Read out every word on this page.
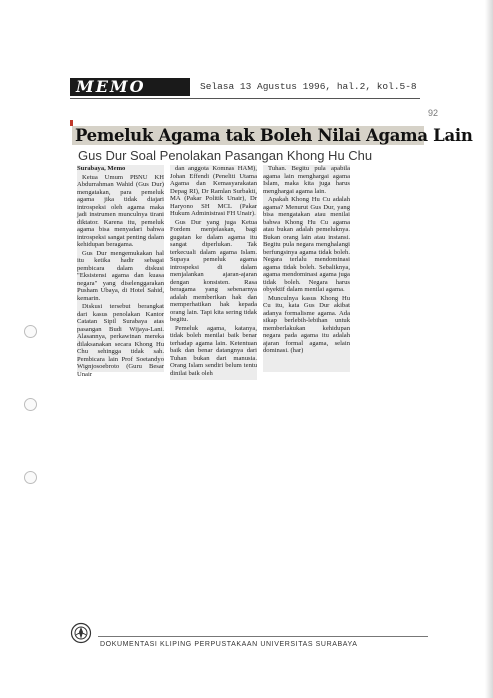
MEMO	Selasa 13 Agustus 1996, hal.2, kol.5-8
92
Pemeluk Agama tak Boleh Nilai Agama Lain
Gus Dur Soal Penolakan Pasangan Khong Hu Chu

Surabaya, Memo

Ketua Umum PBNU KH Abdurrahman Wahid (Gus Dur) mengatakan, para pemeluk agama jika tidak diajari introspeksi oleh agama maka jadi instrumen munculnya tirani diktator. Karena itu, pemeluk agama bisa menyadari bahwa introspeksi sangat penting dalam kehidupan beragama.

Gus Dur mengemukakan hal itu ketika hadir sebagai pembicara dalam diskusi "Eksistensi agama dan kuasa negara" yang diselenggarakan Pusham Ubaya, di Hotel Sahid, kemarin.

Diskusi tersebut berangkat dari kasus penolakan Kantor Catatan Sipil Surabaya atas pasangan Budi Wijaya-Lani. Alasannya, perkawinan mereka dilaksanakan secara Khong Hu Chu sehingga tidak sah. Pembicara lain Prof Soetandyo Wignjosoebroto (Guru Besar Unair

dan anggota Komnas HAM), Johan Effendi (Peneliti Utama Agama dan Kemasyarakatan Depag RI), Dr Ramlan Surbakti, MA (Pakar Politik Unair), Dr Haryono SH MCL (Pakar Hukum Administrasi FH Unair).

Gus Dur yang juga Ketua Fordem menjelaskan, bagi gugatan ke dalam agama itu sangat diperlukan. Tak terkecuali dalam agama Islam. Supaya pemeluk agama introspeksi di dalam menjalankan ajaran-ajaran dengan konsisten. Rasa beragama yang sebenarnya adalah memberikan hak dan memperhatikan hak kepada orang lain. Tapi kita sering tidak begitu.

Pemeluk agama, katanya, tidak boleh menilai baik benar terhadap agama lain. Ketentuan baik dan benar datangnya dari Tuhan bukan dari manusia. Orang Islam sendiri belum tentu dinilai baik oleh

Tuhan. Begitu pula apabila agama lain menghargai agama Islam, maka kita juga harus menghargai agama lain.

Apakah Khong Hu Cu adalah agama? Menurut Gus Dur, yang bisa mengatakan atau menilai bahwa Khong Hu Cu agama atau bukan adalah pemeluknya. Bukan orang lain atau instansi. Begitu pula negara menghalangi berfungsinya agama tidak boleh. Negara terlalu mendominasi agama tidak boleh. Sebaliknya, agama mendominasi agama juga tidak boleh. Negara harus obyektif dalam menilai agama.

Munculnya kasus Khong Hu Cu itu, kata Gus Dur akibat adanya formalisme agama. Ada sikap berlebih-lebihan untuk memberlakukan kehidupan negara pada agama itu adalah ajaran formal agama, selain dominasi. (har)

DOKUMENTASI KLIPING PERPUSTAKAAN UNIVERSITAS SURABAYA
